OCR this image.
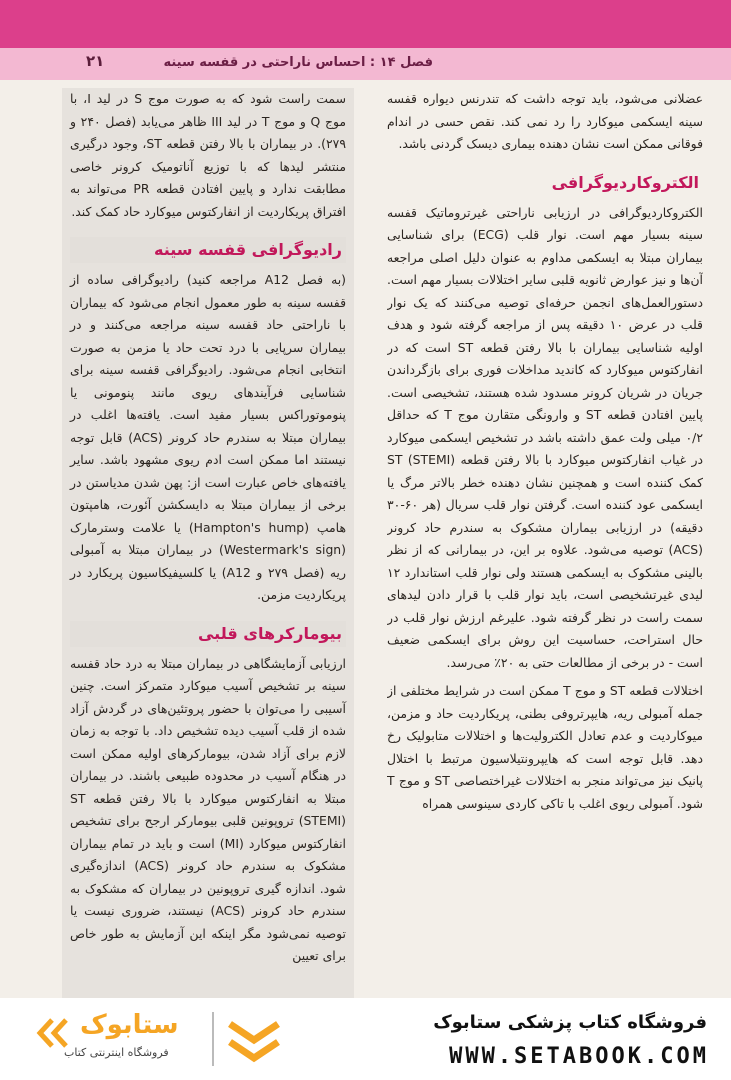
۲۱	فصل ۱۴ : احساس ناراحتی در قفسه سینه

عضلانی می‌شود، باید توجه داشت که تندرنس دیواره قفسه سینه ایسکمی میوکارد را رد نمی کند. نقص حسی در اندام فوقانی ممکن است نشان دهنده بیماری دیسک گردنی باشد.

الکتروکاردیوگرافی

الکتروکاردیوگرافی در ارزیابی ناراحتی غیرتروماتیک قفسه سینه بسیار مهم است. نوار قلب (ECG) برای شناسایی بیماران مبتلا به ایسکمی مداوم به عنوان دلیل اصلی مراجعه آن‌ها و نیز عوارض ثانویه قلبی سایر اختلالات بسیار مهم است. دستورالعمل‌های انجمن حرفه‌ای توصیه می‌کنند که یک نوار قلب در عرض ۱۰ دقیقه پس از مراجعه گرفته شود و هدف اولیه شناسایی بیماران با بالا رفتن قطعه ST است که در انفارکتوس میوکارد که کاندید مداخلات فوری برای بازگرداندن جریان در شریان کرونر مسدود شده هستند، تشخیصی است. پایین افتادن قطعه ST و وارونگی متقارن موج T که حداقل ۰/۲ میلی ولت عمق داشته باشد در تشخیص ایسکمی میوکارد در غیاب انفارکتوس میوکارد با بالا رفتن قطعه ST (STEMI) کمک کننده است و همچنین نشان دهنده خطر بالاتر مرگ یا ایسکمی عود کننده است. گرفتن نوار قلب سریال (هر ۶۰-۳۰ دقیقه) در ارزیابی بیماران مشکوک به سندرم حاد کرونر (ACS) توصیه می‌شود. علاوه بر این، در بیمارانی که از نظر بالینی مشکوک به ایسکمی هستند ولی نوار قلب استاندارد ۱۲ لیدی غیرتشخیصی است، باید نوار قلب با قرار دادن لیدهای سمت راست در نظر گرفته شود. علیرغم ارزش نوار قلب در حال استراحت، حساسیت این روش برای ایسکمی ضعیف است - در برخی از مطالعات حتی به ۲۰٪ می‌رسد.

اختلالات قطعه ST و موج T ممکن است در شرایط مختلفی از جمله آمبولی ریه، هایپرتروفی بطنی، پریکاردیت حاد و مزمن، میوکاردیت و عدم تعادل الکترولیت‌ها و اختلالات متابولیک رخ دهد. قابل توجه است که هایپرونتیلاسیون مرتبط با اختلال پانیک نیز می‌تواند منجر به اختلالات غیراختصاصی ST و موج T شود. آمبولی ریوی اغلب با تاکی کاردی سینوسی همراه

سمت راست شود که به صورت موج S در لید I، با موج Q و موج T در لید III ظاهر می‌یابد (فصل ۲۴۰ و ۲۷۹). در بیماران با بالا رفتن قطعه ST، وجود درگیری منتشر لیدها که با توزیع آناتومیک کرونر خاصی مطابقت ندارد و پایین افتادن قطعه PR می‌تواند به افتراق پریکاردیت از انفارکتوس میوکارد حاد کمک کند.

رادیوگرافی قفسه سینه

(به فصل A12 مراجعه کنید) رادیوگرافی ساده از قفسه سینه به طور معمول انجام می‌شود که بیماران با ناراحتی حاد قفسه سینه مراجعه می‌کنند و در بیماران سرپایی با درد تحت حاد یا مزمن به صورت انتخابی انجام می‌شود. رادیوگرافی قفسه سینه برای شناسایی فرآیندهای ریوی مانند پنومونی یا پنوموتوراکس بسیار مفید است. یافته‌ها اغلب در بیماران مبتلا به سندرم حاد کرونر (ACS) قابل توجه نیستند اما ممکن است ادم ریوی مشهود باشد. سایر یافته‌های خاص عبارت است از: پهن شدن مدیاستن در برخی از بیماران مبتلا به دایسکشن آئورت، هامپتون هامپ (Hampton's hump) یا علامت وسترمارک (Westermark's sign) در بیماران مبتلا به آمبولی ریه (فصل ۲۷۹ و A12) یا کلسیفیکاسیون پریکارد در پریکاردیت مزمن.

بیومارکرهای قلبی

ارزیابی آزمایشگاهی در بیماران مبتلا به درد حاد قفسه سینه بر تشخیص آسیب میوکارد متمرکز است. چنین آسیبی را می‌توان با حضور پروتئین‌های در گردش آزاد شده از قلب آسیب دیده تشخیص داد. با توجه به زمان لازم برای آزاد شدن، بیومارکرهای اولیه ممکن است در هنگام آسیب در محدوده طبیعی باشند. در بیماران مبتلا به انفارکتوس میوکارد با بالا رفتن قطعه ST (STEMI) تروپونین قلبی بیومارکر ارجح برای تشخیص انفارکتوس میوکارد (MI) است و باید در تمام بیماران مشکوک به سندرم حاد کرونر (ACS) اندازه‌گیری شود. اندازه گیری تروپونین در بیماران که مشکوک به سندرم حاد کرونر (ACS) نیستند، ضروری نیست یا توصیه نمی‌شود مگر اینکه این آزمایش به طور خاص برای تعیین

فروشگاه کتاب پزشکی ستابوک
WWW.SETABOOK.COM
ستابوک
فروشگاه اینترنتی کتاب
